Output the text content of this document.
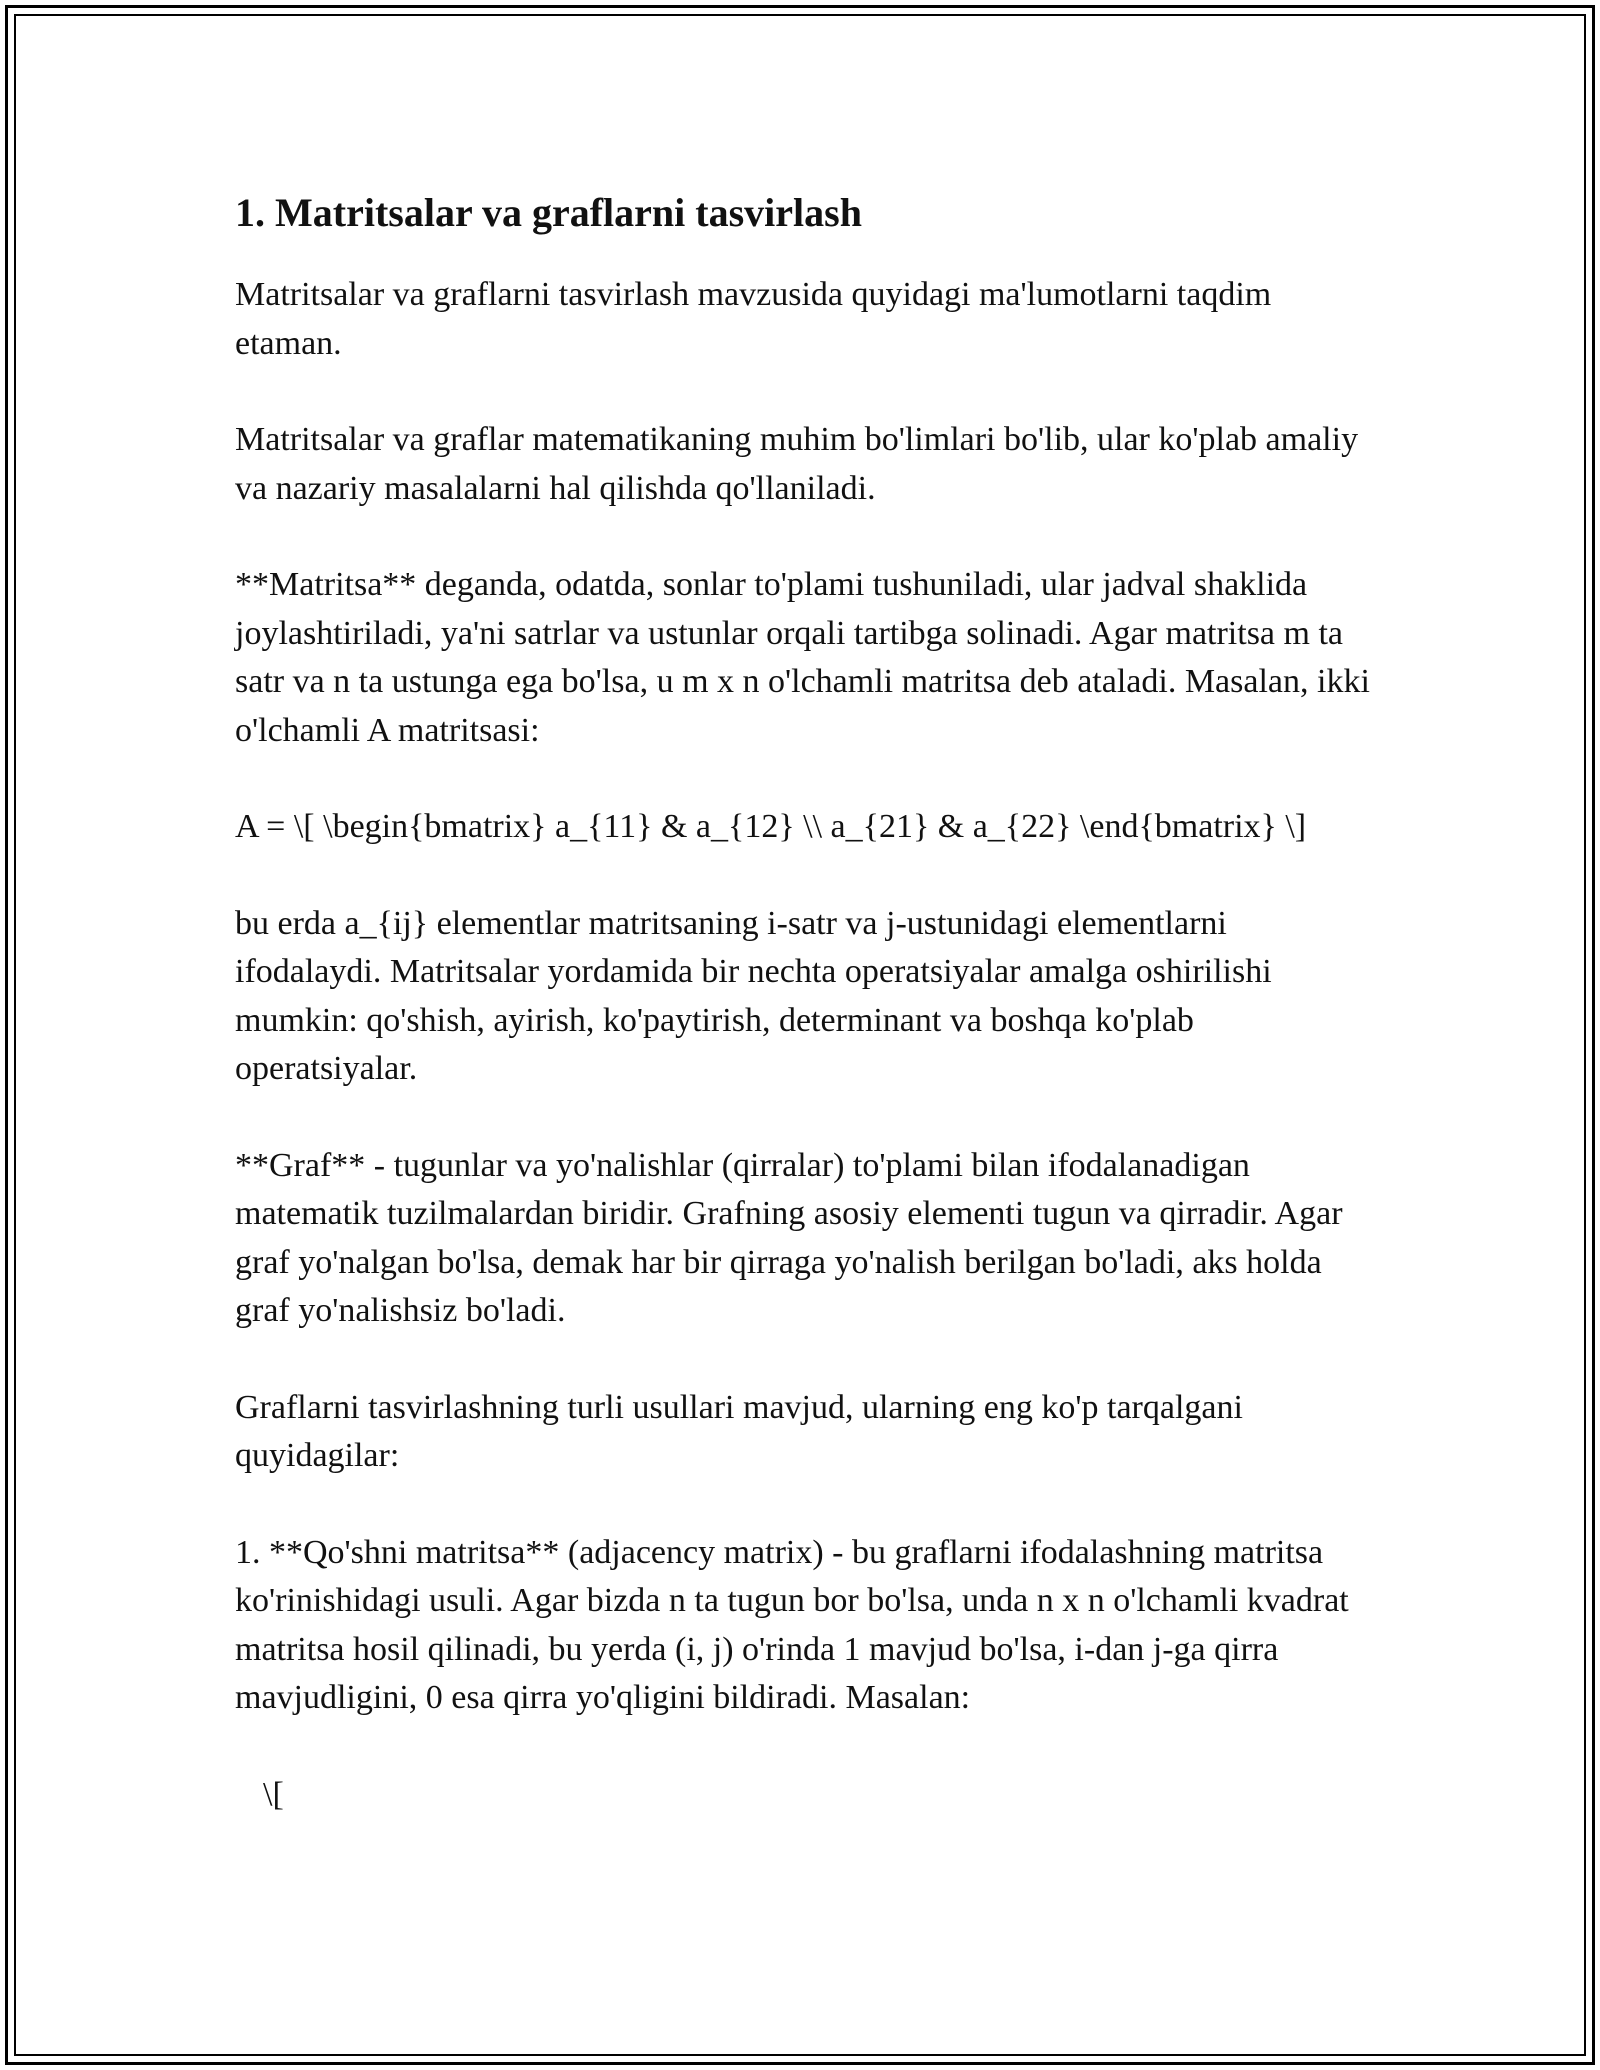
1. Matritsalar va graflarni tasvirlash

Matritsalar va graflarni tasvirlash mavzusida quyidagi ma'lumotlarni taqdim etaman.

Matritsalar va graflar matematikaning muhim bo'limlari bo'lib, ular ko'plab amaliy va nazariy masalalarni hal qilishda qo'llaniladi.

**Matritsa** deganda, odatda, sonlar to'plami tushuniladi, ular jadval shaklida joylashtiriladi, ya'ni satrlar va ustunlar orqali tartibga solinadi. Agar matritsa m ta satr va n ta ustunga ega bo'lsa, u m x n o'lchamli matritsa deb ataladi. Masalan, ikki o'lchamli A matritsasi:

A = \[ \begin{bmatrix} a_{11} & a_{12} \\ a_{21} & a_{22} \end{bmatrix} \]

bu erda a_{ij} elementlar matritsaning i-satr va j-ustunidagi elementlarni ifodalaydi. Matritsalar yordamida bir nechta operatsiyalar amalga oshirilishi mumkin: qo'shish, ayirish, ko'paytirish, determinant va boshqa ko'plab operatsiyalar.

**Graf** - tugunlar va yo'nalishlar (qirralar) to'plami bilan ifodalanadigan matematik tuzilmalardan biridir. Grafning asosiy elementi tugun va qirradir. Agar graf yo'nalgan bo'lsa, demak har bir qirraga yo'nalish berilgan bo'ladi, aks holda graf yo'nalishsiz bo'ladi.

Graflarni tasvirlashning turli usullari mavjud, ularning eng ko'p tarqalgani quyidagilar:

1. **Qo'shni matritsa** (adjacency matrix) - bu graflarni ifodalashning matritsa ko'rinishidagi usuli. Agar bizda n ta tugun bor bo'lsa, unda n x n o'lchamli kvadrat matritsa hosil qilinadi, bu yerda (i, j) o'rinda 1 mavjud bo'lsa, i-dan j-ga qirra mavjudligini, 0 esa qirra yo'qligini bildiradi. Masalan:

\[
